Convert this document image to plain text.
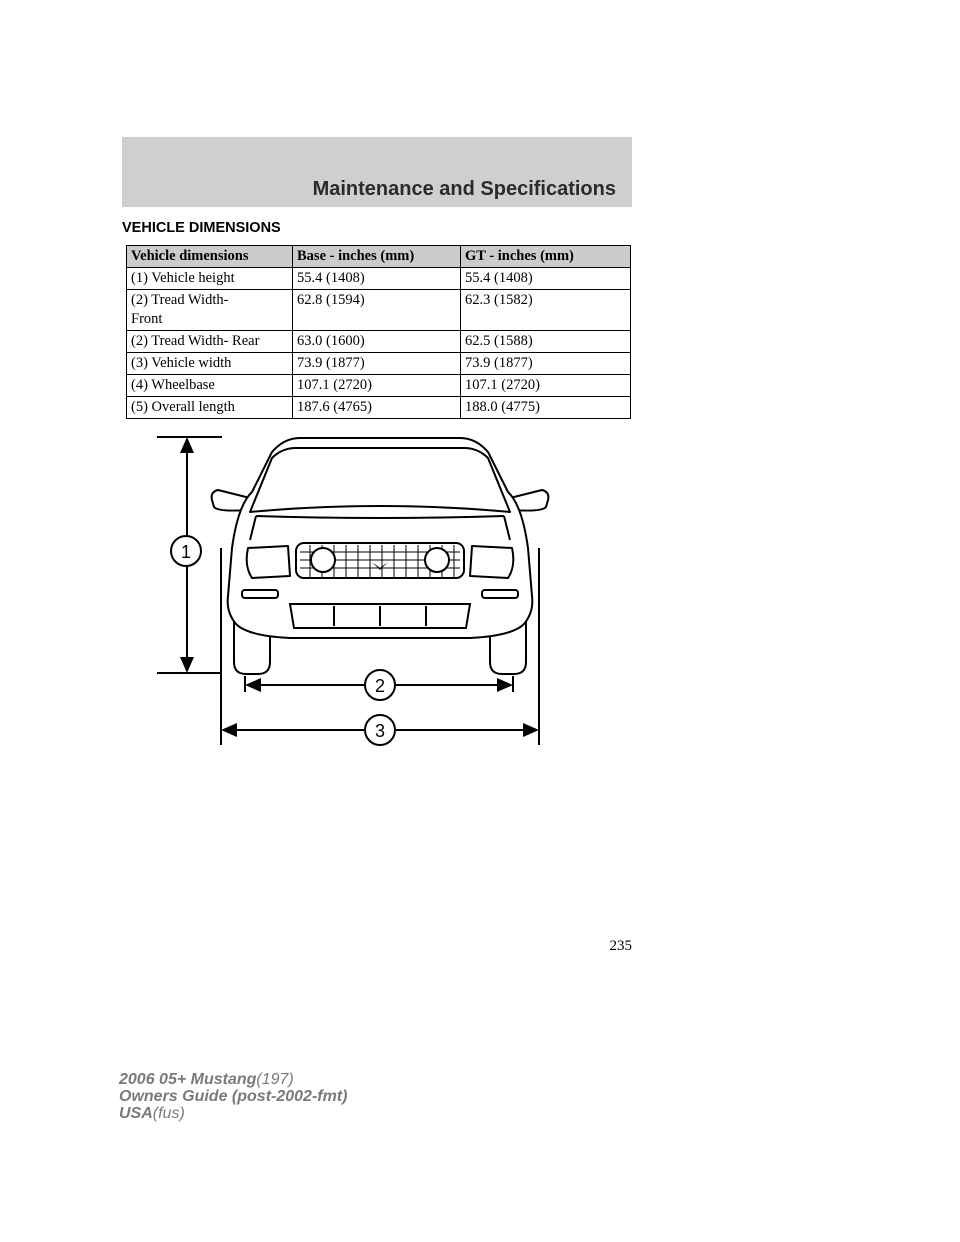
Maintenance and Specifications
VEHICLE DIMENSIONS
Vehicle dimensions	Base - inches (mm)	GT - inches (mm)
(1) Vehicle height	55.4 (1408)	55.4 (1408)
(2) Tread Width-
Front	62.8 (1594)	62.3 (1582)
(2) Tread Width- Rear	63.0 (1600)	62.5 (1588)
(3) Vehicle width	73.9 (1877)	73.9 (1877)
(4) Wheelbase	107.1 (2720)	107.1 (2720)
(5) Overall length	187.6 (4765)	188.0 (4775)
1
2
3
235
2006 05+ Mustang(197)
Owners Guide (post-2002-fmt)
USA(fus)
